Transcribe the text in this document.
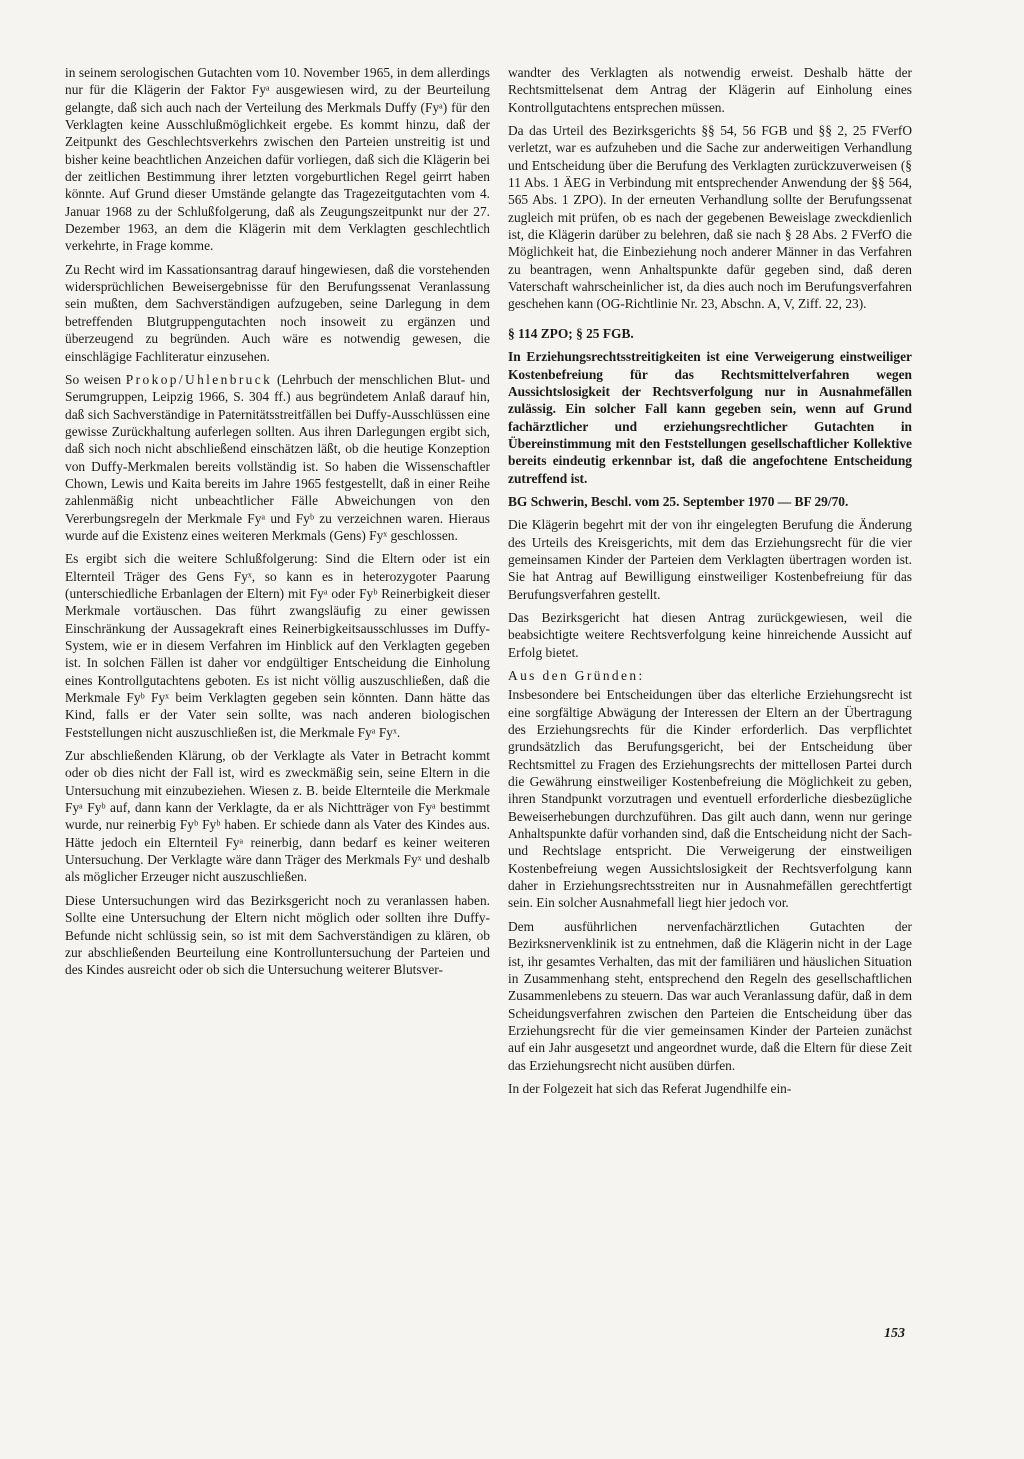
in seinem serologischen Gutachten vom 10. November 1965, in dem allerdings nur für die Klägerin der Faktor Fyᵃ ausgewiesen wird, zu der Beurteilung gelangte, daß sich auch nach der Verteilung des Merkmals Duffy (Fyᵃ) für den Verklagten keine Ausschlußmöglichkeit ergebe. Es kommt hinzu, daß der Zeitpunkt des Geschlechtsverkehrs zwischen den Parteien unstreitig ist und bisher keine beachtlichen Anzeichen dafür vorliegen, daß sich die Klägerin bei der zeitlichen Bestimmung ihrer letzten vorgeburtlichen Regel geirrt haben könnte. Auf Grund dieser Umstände gelangte das Tragezeitgutachten vom 4. Januar 1968 zu der Schlußfolgerung, daß als Zeugungszeitpunkt nur der 27. Dezember 1963, an dem die Klägerin mit dem Verklagten geschlechtlich verkehrte, in Frage komme.

Zu Recht wird im Kassationsantrag darauf hingewiesen, daß die vorstehenden widersprüchlichen Beweisergebnisse für den Berufungssenat Veranlassung sein mußten, dem Sachverständigen aufzugeben, seine Darlegung in dem betreffenden Blutgruppengutachten noch insoweit zu ergänzen und überzeugend zu begründen. Auch wäre es notwendig gewesen, die einschlägige Fachliteratur einzusehen.

So weisen Prokop/Uhlenbruck (Lehrbuch der menschlichen Blut- und Serumgruppen, Leipzig 1966, S. 304 ff.) aus begründetem Anlaß darauf hin, daß sich Sachverständige in Paternitätsstreitfällen bei Duffy-Ausschlüssen eine gewisse Zurückhaltung auferlegen sollten. Aus ihren Darlegungen ergibt sich, daß sich noch nicht abschließend einschätzen läßt, ob die heutige Konzeption von Duffy-Merkmalen bereits vollständig ist. So haben die Wissenschaftler Chown, Lewis und Kaita bereits im Jahre 1965 festgestellt, daß in einer Reihe zahlenmäßig nicht unbeachtlicher Fälle Abweichungen von den Vererbungsregeln der Merkmale Fyᵃ und Fyᵇ zu verzeichnen waren. Hieraus wurde auf die Existenz eines weiteren Merkmals (Gens) Fyˣ geschlossen.

Es ergibt sich die weitere Schlußfolgerung: Sind die Eltern oder ist ein Elternteil Träger des Gens Fyˣ, so kann es in heterozygoter Paarung (unterschiedliche Erbanlagen der Eltern) mit Fyᵃ oder Fyᵇ Reinerbigkeit dieser Merkmale vortäuschen. Das führt zwangsläufig zu einer gewissen Einschränkung der Aussagekraft eines Reinerbigkeitsausschlusses im Duffy-System, wie er in diesem Verfahren im Hinblick auf den Verklagten gegeben ist. In solchen Fällen ist daher vor endgültiger Entscheidung die Einholung eines Kontrollgutachtens geboten. Es ist nicht völlig auszuschließen, daß die Merkmale Fyᵇ Fyˣ beim Verklagten gegeben sein könnten. Dann hätte das Kind, falls er der Vater sein sollte, was nach anderen biologischen Feststellungen nicht auszuschließen ist, die Merkmale Fyᵃ Fyˣ.

Zur abschließenden Klärung, ob der Verklagte als Vater in Betracht kommt oder ob dies nicht der Fall ist, wird es zweckmäßig sein, seine Eltern in die Untersuchung mit einzubeziehen. Wiesen z. B. beide Elternteile die Merkmale Fyᵃ Fyᵇ auf, dann kann der Verklagte, da er als Nichtträger von Fyᵃ bestimmt wurde, nur reinerbig Fyᵇ Fyᵇ haben. Er schiede dann als Vater des Kindes aus. Hätte jedoch ein Elternteil Fyᵃ reinerbig, dann bedarf es keiner weiteren Untersuchung. Der Verklagte wäre dann Träger des Merkmals Fyˣ und deshalb als möglicher Erzeuger nicht auszuschließen.

Diese Untersuchungen wird das Bezirksgericht noch zu veranlassen haben. Sollte eine Untersuchung der Eltern nicht möglich oder sollten ihre Duffy-Befunde nicht schlüssig sein, so ist mit dem Sachverständigen zu klären, ob zur abschließenden Beurteilung eine Kontrolluntersuchung der Parteien und des Kindes ausreicht oder ob sich die Untersuchung weiterer Blutsver-

wandter des Verklagten als notwendig erweist. Deshalb hätte der Rechtsmittelsenat dem Antrag der Klägerin auf Einholung eines Kontrollgutachtens entsprechen müssen.

Da das Urteil des Bezirksgerichts §§ 54, 56 FGB und §§ 2, 25 FVerfO verletzt, war es aufzuheben und die Sache zur anderweitigen Verhandlung und Entscheidung über die Berufung des Verklagten zurückzuverweisen (§ 11 Abs. 1 ÄEG in Verbindung mit entsprechender Anwendung der §§ 564, 565 Abs. 1 ZPO). In der erneuten Verhandlung sollte der Berufungssenat zugleich mit prüfen, ob es nach der gegebenen Beweislage zweckdienlich ist, die Klägerin darüber zu belehren, daß sie nach § 28 Abs. 2 FVerfO die Möglichkeit hat, die Einbeziehung noch anderer Männer in das Verfahren zu beantragen, wenn Anhaltspunkte dafür gegeben sind, daß deren Vaterschaft wahrscheinlicher ist, da dies auch noch im Berufungsverfahren geschehen kann (OG-Richtlinie Nr. 23, Abschn. A, V, Ziff. 22, 23).

§ 114 ZPO; § 25 FGB.

In Erziehungsrechtsstreitigkeiten ist eine Verweigerung einstweiliger Kostenbefreiung für das Rechtsmittelverfahren wegen Aussichtslosigkeit der Rechtsverfolgung nur in Ausnahmefällen zulässig. Ein solcher Fall kann gegeben sein, wenn auf Grund fachärztlicher und erziehungsrechtlicher Gutachten in Übereinstimmung mit den Feststellungen gesellschaftlicher Kollektive bereits eindeutig erkennbar ist, daß die angefochtene Entscheidung zutreffend ist.

BG Schwerin, Beschl. vom 25. September 1970 — BF 29/70.

Die Klägerin begehrt mit der von ihr eingelegten Berufung die Änderung des Urteils des Kreisgerichts, mit dem das Erziehungsrecht für die vier gemeinsamen Kinder der Parteien dem Verklagten übertragen worden ist. Sie hat Antrag auf Bewilligung einstweiliger Kostenbefreiung für das Berufungsverfahren gestellt.

Das Bezirksgericht hat diesen Antrag zurückgewiesen, weil die beabsichtigte weitere Rechtsverfolgung keine hinreichende Aussicht auf Erfolg bietet.

Aus den Gründen:

Insbesondere bei Entscheidungen über das elterliche Erziehungsrecht ist eine sorgfältige Abwägung der Interessen der Eltern an der Übertragung des Erziehungsrechts für die Kinder erforderlich. Das verpflichtet grundsätzlich das Berufungsgericht, bei der Entscheidung über Rechtsmittel zu Fragen des Erziehungsrechts der mittellosen Partei durch die Gewährung einstweiliger Kostenbefreiung die Möglichkeit zu geben, ihren Standpunkt vorzutragen und eventuell erforderliche diesbezügliche Beweiserhebungen durchzuführen. Das gilt auch dann, wenn nur geringe Anhaltspunkte dafür vorhanden sind, daß die Entscheidung nicht der Sach- und Rechtslage entspricht. Die Verweigerung der einstweiligen Kostenbefreiung wegen Aussichtslosigkeit der Rechtsverfolgung kann daher in Erziehungsrechtsstreiten nur in Ausnahmefällen gerechtfertigt sein. Ein solcher Ausnahmefall liegt hier jedoch vor.

Dem ausführlichen nervenfachärztlichen Gutachten der Bezirksnervenklinik ist zu entnehmen, daß die Klägerin nicht in der Lage ist, ihr gesamtes Verhalten, das mit der familiären und häuslichen Situation in Zusammenhang steht, entsprechend den Regeln des gesellschaftlichen Zusammenlebens zu steuern. Das war auch Veranlassung dafür, daß in dem Scheidungsverfahren zwischen den Parteien die Entscheidung über das Erziehungsrecht für die vier gemeinsamen Kinder der Parteien zunächst auf ein Jahr ausgesetzt und angeordnet wurde, daß die Eltern für diese Zeit das Erziehungsrecht nicht ausüben dürfen.

In der Folgezeit hat sich das Referat Jugendhilfe ein-

153
